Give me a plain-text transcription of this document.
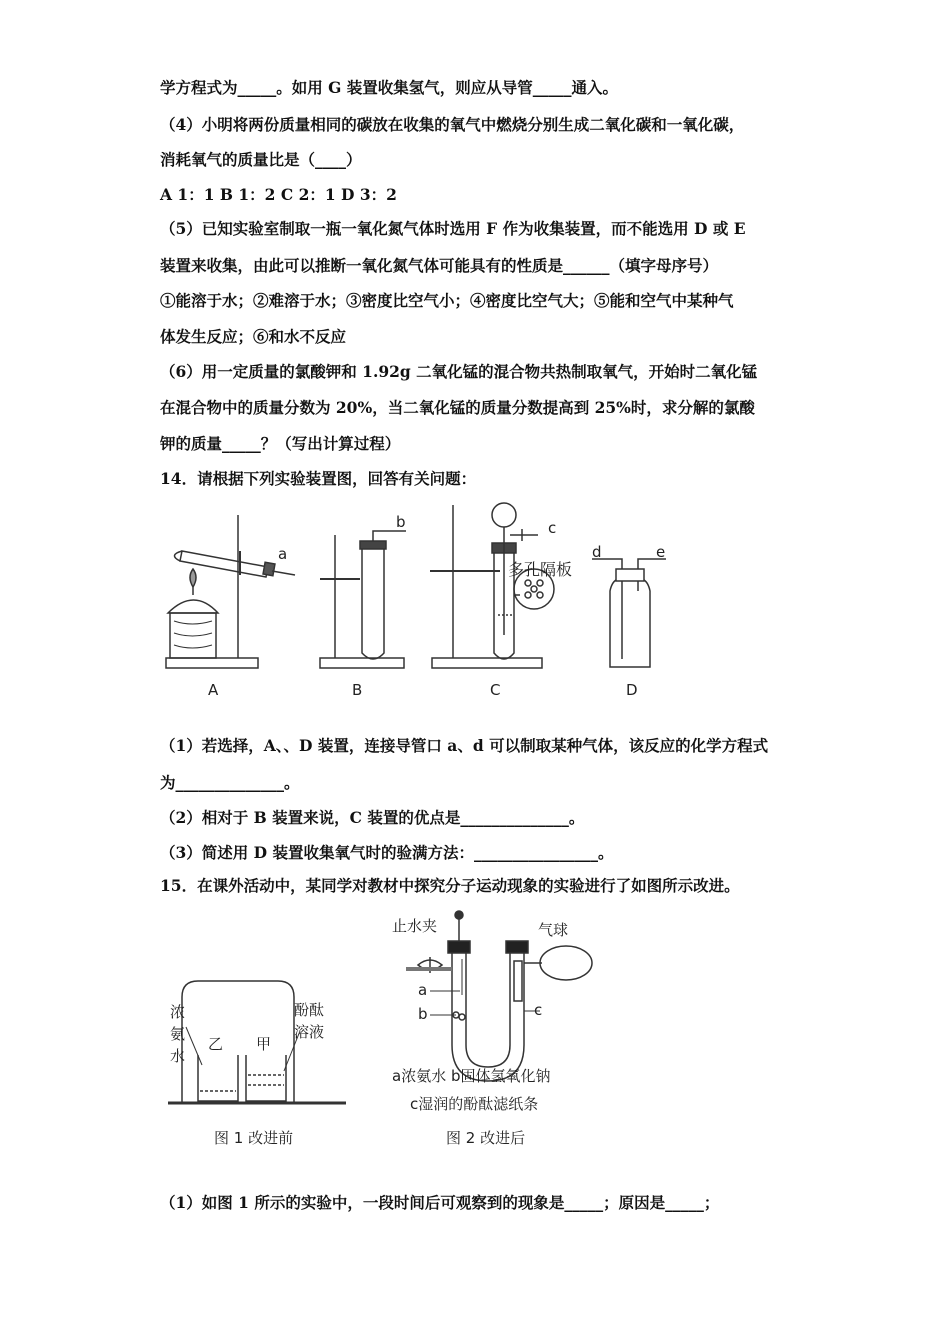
学方程式为_____。如用 G 装置收集氢气，则应从导管_____通入。
（4）小明将两份质量相同的碳放在收集的氧气中燃烧分别生成二氧化碳和一氧化碳，
消耗氧气的质量比是（____）
A 1：1 B 1：2 C 2：1 D 3：2
（5）已知实验室制取一瓶一氧化氮气体时选用 F 作为收集装置，而不能选用 D 或 E
装置来收集，由此可以推断一氧化氮气体可能具有的性质是______（填字母序号）
①能溶于水；②难溶于水；③密度比空气小；④密度比空气大；⑤能和空气中某种气
体发生反应；⑥和水不反应
（6）用一定质量的氯酸钾和 1.92g 二氧化锰的混合物共热制取氧气，开始时二氧化锰
在混合物中的质量分数为 20%，当二氧化锰的质量分数提高到 25%时，求分解的氯酸
钾的质量_____？（写出计算过程）
14．请根据下列实验装置图，回答有关问题：
a
b	c
多孔隔板
d	e
A	B	C	D
（1）若选择，A、、D 装置，连接导管口 a、d 可以制取某种气体，该反应的化学方程式
为______________。
（2）相对于 B 装置来说，C 装置的优点是______________。
（3）简述用 D 装置收集氧气时的验满方法：________________。
15．在课外活动中，某同学对教材中探究分子运动现象的实验进行了如图所示改进。
浓氨水
酚酞
溶液
乙 甲
止水夹	气球
a
b	c
a浓氨水 b固体氢氧化钠
c湿润的酚酞滤纸条
图 1 改进前	图 2 改进后
（1）如图 1 所示的实验中，一段时间后可观察到的现象是_____；原因是_____；
